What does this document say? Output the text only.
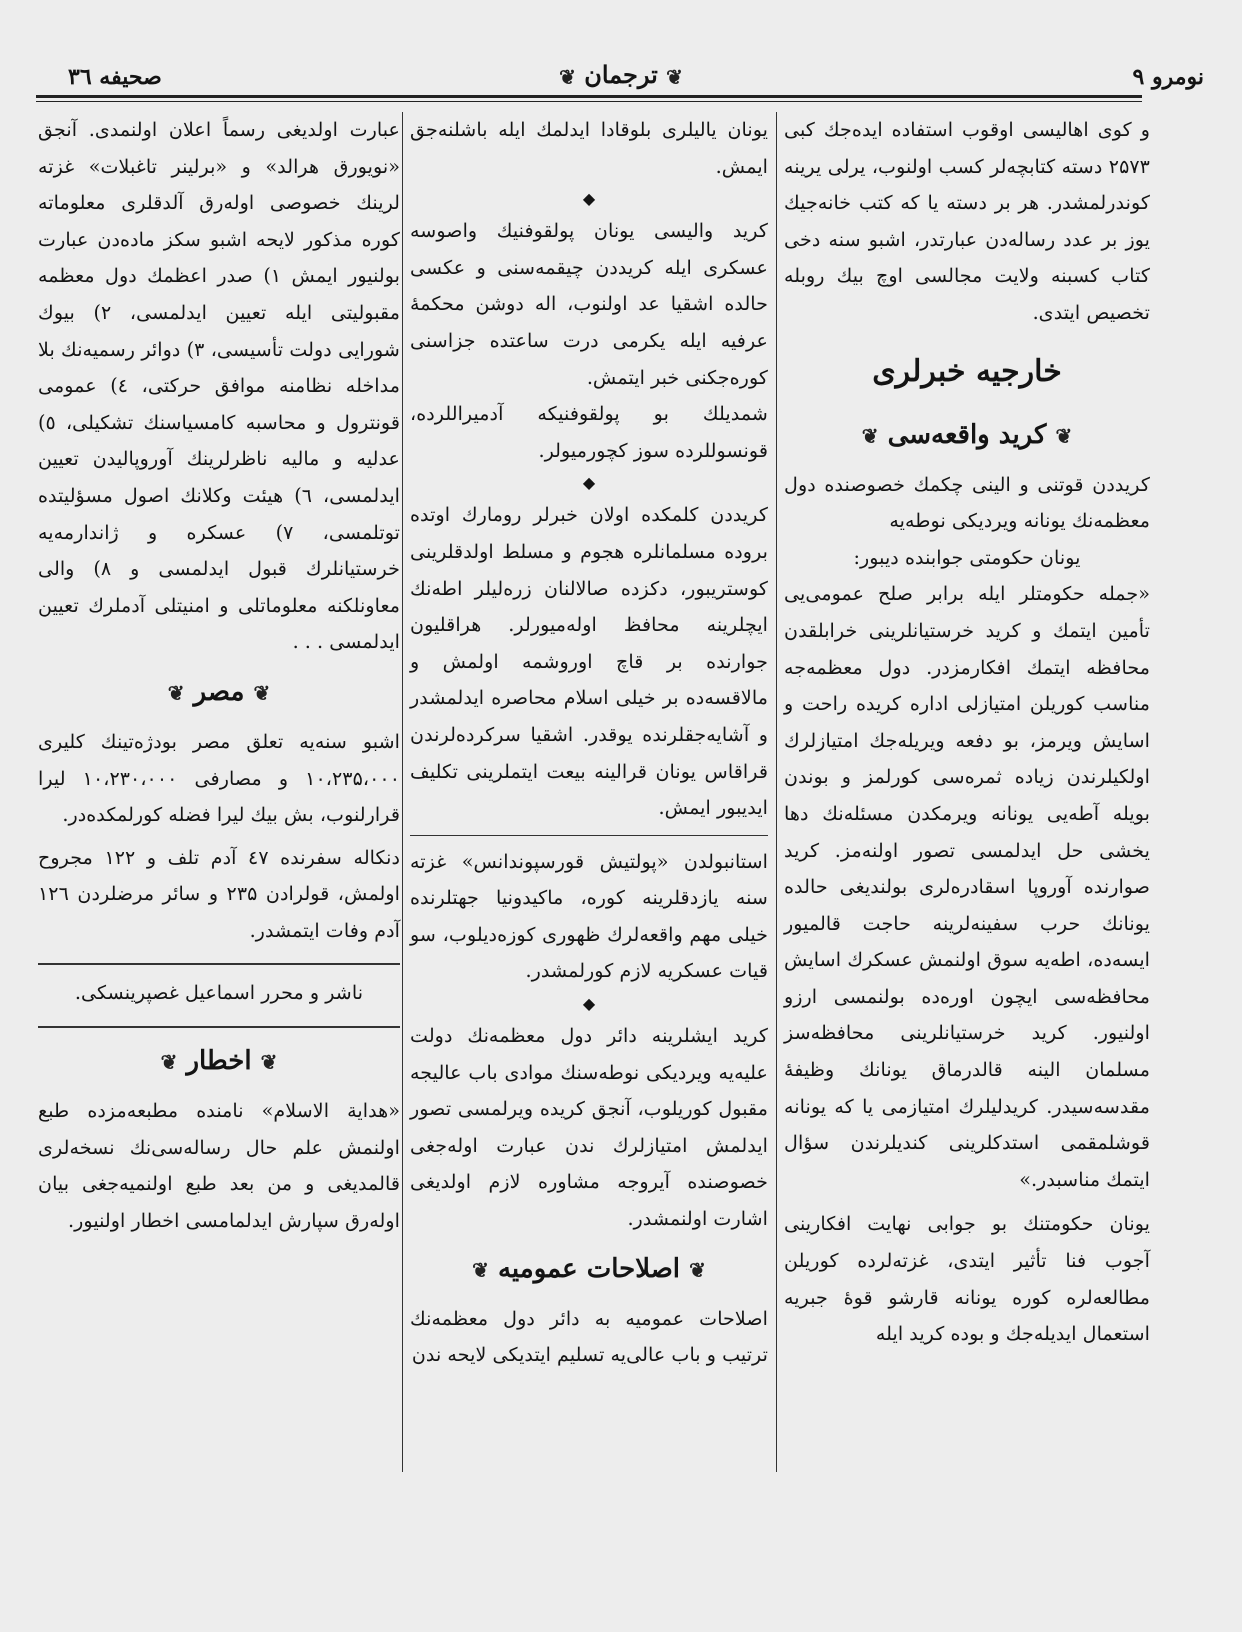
نومرو ۹
❦ ترجمان ❦
صحیفه ۳٦

و کوی اهالیسی اوقوب استفاده ایده‌جك کبی ۲۵۷۳ دسته کتابچه‌لر کسب اولنوب، یرلی یرینه کوندرلمشدر. هر بر دسته یا که کتب خانه‌جیك یوز بر عدد رساله‌دن عبارتدر، اشبو سنه دخی کتاب کسبنه ولایت مجالسی اوچ بیك روبله تخصیص ایتدی.

خارجیه خبرلری
❦ کرید واقعه‌سی ❦

کریددن قوتنی و الینی چکمك خصوصنده دول معظمه‌نك یونانه ویردیکی نوطه‌یه

یونان حکومتی جوابنده دیبور:

«جمله حکومتلر ایله برابر صلح عمومی‌یی تأمین ایتمك و کرید خرستیانلرینی خرابلقدن محافظه ایتمك افکارمزدر. دول معظمه‌جه مناسب کوریلن امتیازلی اداره کریده راحت و اسایش ویرمز، بو دفعه ویریله‌جك امتیازلرك اولکیلرندن زیاده ثمره‌سی کورلمز و بوندن بویله آطه‌یی یونانه ویرمکدن مسئله‌نك دها یخشی حل ایدلمسی تصور اولنه‌مز. کرید صوارنده آوروپا اسقادره‌لری بولندیغی حالده یونانك حرب سفینه‌لرینه حاجت قالمیور ایسه‌ده، اطه‌یه سوق اولنمش عسکرك اسایش محافظه‌سی ایچون اوره‌ده بولنمسی ارزو اولنیور. کرید خرستیانلرینی محافظه‌سز مسلمان الینه قالدرماق یونانك وظیفه‌ٔ مقدسه‌سیدر. کریدلیلرك امتیازمی یا که یونانه قوشلمقمی استدکلرینی کندیلرندن سؤال ایتمك مناسبدر.»

یونان حکومتنك بو جوابی نهایت افکارینی آجوب فنا تأثیر ایتدی، غزته‌لرده کوریلن مطالعه‌لره کوره یونانه قارشو قوه‌ٔ جبریه استعمال ایدیله‌جك و بوده کرید ایله

یونان یالیلری بلوقادا ایدلمك ایله باشلنه‌جق ایمش.

◆

کرید والیسی یونان پولقوفنیك واصوسه عسکری ایله کریددن چیقمه‌سنی و عکسی حالده اشقیا عد اولنوب، اله دوشن محکمه‌ٔ عرفیه ایله یکرمی درت ساعتده جزاسنی کوره‌جکنی خبر ایتمش.

شمدیلك بو پولقوفنیکه آدمیراللرده، قونسوللرده سوز کچورمیولر.

◆

کریددن کلمکده اولان خبرلر رومارك اوتده بروده مسلمانلره هجوم و مسلط اولدقلرینی کوستریبور، دکزده صالالنان زره‌لیلر اطه‌نك ایچلرینه محافظ اوله‌میورلر. هراقلیون جوارنده بر قاچ اوروشمه اولمش و مالاقسه‌ده بر خیلی اسلام محاصره ایدلمشدر و آشایه‌جقلرنده یوقدر. اشقیا سرکرده‌لرندن قراقاس یونان قرالینه بیعت ایتملرینی تکلیف ایدیبور ایمش.

استانبولدن «پولتیش قورسپوندانس» غزته سنه یازدقلرینه کوره، ماکیدونیا جهتلرنده خیلی مهم واقعه‌لرك ظهوری کوزه‌دیلوب، سو قیات عسکریه لازم کورلمشدر.

◆

کرید ایشلرینه دائر دول معظمه‌نك دولت علیه‌یه ویردیکی نوطه‌سنك موادی باب عالیجه مقبول کوریلوب، آنجق کریده ویرلمسی تصور ایدلمش امتیازلرك ندن عبارت اوله‌جغی خصوصنده آیروجه مشاوره لازم اولدیغی اشارت اولنمشدر.

❦ اصلاحات عمومیه ❦

اصلاحات عمومیه به دائر دول معظمه‌نك ترتیب و باب عالی‌یه تسلیم ایتدیکی لایحه ندن

عبارت اولدیغی رسماً اعلان اولنمدی. آنجق «نویورق هرالد» و «برلینر تاغبلات» غزته لرینك خصوصی اوله‌رق آلدقلری معلوماته کوره مذکور لایحه اشبو سکز ماده‌دن عبارت بولنیور ایمش ۱) صدر اعظمك دول معظمه مقبوليتی ایله تعیین ایدلمسی، ۲) بیوك شورایی دولت تأسیسی، ۳) دوائر رسمیه‌نك بلا مداخله نظامنه موافق حرکتی، ٤) عمومی قونترول و محاسبه کامسیاسنك تشکیلی، ٥) عدلیه و مالیه ناظرلرینك آوروپالیدن تعیین ایدلمسی، ٦) هیئت وکلانك اصول مسؤلیتده توتلمسی، ۷) عسکره و ژاندارمه‌یه خرستیانلرك قبول ایدلمسی و ۸) والی معاونلکنه معلوماتلی و امنیتلی آدملرك تعیین ایدلمسی . . .

❦ مصر ❦

اشبو سنه‌یه تعلق مصر بودژه‌تینك کلیری ۱۰،۲۳۵،۰۰۰ و مصارفی ۱۰،۲۳۰،۰۰۰ لیرا قرارلنوب، بش بیك لیرا فضله کورلمکده‌در.

دنکاله سفرنده ٤۷ آدم تلف و ۱۲۲ مجروح اولمش، قولرادن ۲۳۵ و سائر مرضلردن ۱۲٦ آدم وفات ایتمشدر.

ناشر و محرر اسماعیل غصپرینسکی.

❦ اخطار ❦

«هدایة الاسلام» نامنده مطبعه‌مزده طبع اولنمش علم حال رساله‌سی‌نك نسخه‌لری قالمدیغی و من بعد طبع اولنمیه‌جغی بیان اوله‌رق سپارش ایدلمامسی اخطار اولنیور.
